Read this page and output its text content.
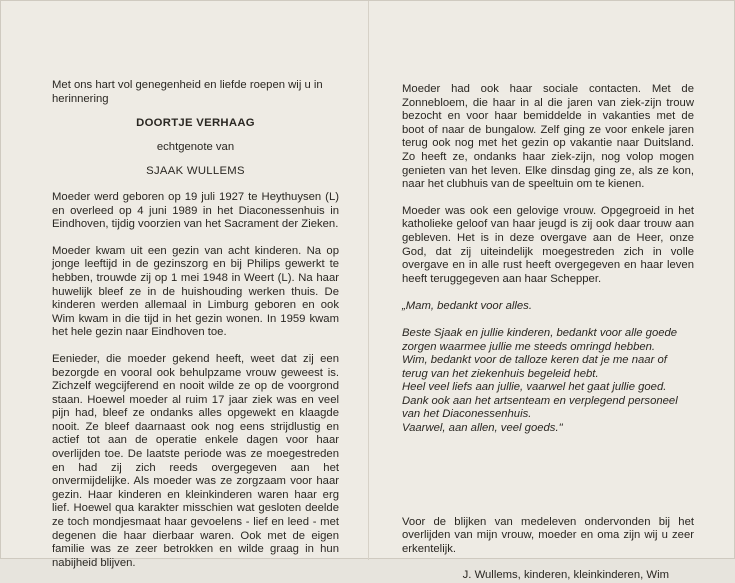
Met ons hart vol genegenheid en liefde roepen wij u in herinnering

DOORTJE VERHAAG

echtgenote van

SJAAK WULLEMS

Moeder werd geboren op 19 juli 1927 te Heythuysen (L) en overleed op 4 juni 1989 in het Diaconessenhuis in Eindhoven, tijdig voorzien van het Sacrament der Zieken.

Moeder kwam uit een gezin van acht kinderen. Na op jonge leeftijd in de gezinszorg en bij Philips gewerkt te hebben, trouwde zij op 1 mei 1948 in Weert (L). Na haar huwelijk bleef ze in de huishouding werken thuis. De kinderen werden allemaal in Limburg geboren en ook Wim kwam in die tijd in het gezin wonen. In 1959 kwam het hele gezin naar Eindhoven toe.

Eenieder, die moeder gekend heeft, weet dat zij een bezorgde en vooral ook behulpzame vrouw geweest is. Zichzelf wegcijferend en nooit wilde ze op de voorgrond staan. Hoewel moeder al ruim 17 jaar ziek was en veel pijn had, bleef ze ondanks alles opgewekt en klaagde nooit. Ze bleef daarnaast ook nog eens strijdlustig en actief tot aan de operatie enkele dagen voor haar overlijden toe. De laatste periode was ze moegestreden en had zij zich reeds overgegeven aan het onvermijdelijke. Als moeder was ze zorgzaam voor haar gezin. Haar kinderen en kleinkinderen waren haar erg lief. Hoewel qua karakter misschien wat gesloten deelde ze toch mondjesmaat haar gevoelens - lief en leed - met degenen die haar dierbaar waren. Ook met de eigen familie was ze zeer betrokken en wilde graag in hun nabijheid blijven.

Moeder had ook haar sociale contacten. Met de Zonnebloem, die haar in al die jaren van ziek-zijn trouw bezocht en voor haar bemiddelde in vakanties met de boot of naar de bungalow. Zelf ging ze voor enkele jaren terug ook nog met het gezin op vakantie naar Duitsland. Zo heeft ze, ondanks haar ziek-zijn, nog volop mogen genieten van het leven. Elke dinsdag ging ze, als ze kon, naar het clubhuis van de speeltuin om te kienen.

Moeder was ook een gelovige vrouw. Opgegroeid in het katholieke geloof van haar jeugd is zij ook daar trouw aan gebleven. Het is in deze overgave aan de Heer, onze God, dat zij uiteindelijk moegestreden zich in volle overgave en in alle rust heeft overgegeven en haar leven heeft teruggegeven aan haar Schepper.

„Mam, bedankt voor alles.

Beste Sjaak en jullie kinderen, bedankt voor alle goede zorgen waarmee jullie me steeds omringd hebben.

Wim, bedankt voor de talloze keren dat je me naar of terug van het ziekenhuis begeleid hebt.

Heel veel liefs aan jullie, vaarwel het gaat jullie goed.

Dank ook aan het artsenteam en verplegend personeel van het Diaconessenhuis.

Vaarwel, aan allen, veel goeds."

Voor de blijken van medeleven ondervonden bij het overlijden van mijn vrouw, moeder en oma zijn wij u zeer erkentelijk.

J. Wullems, kinderen, kleinkinderen, Wim
